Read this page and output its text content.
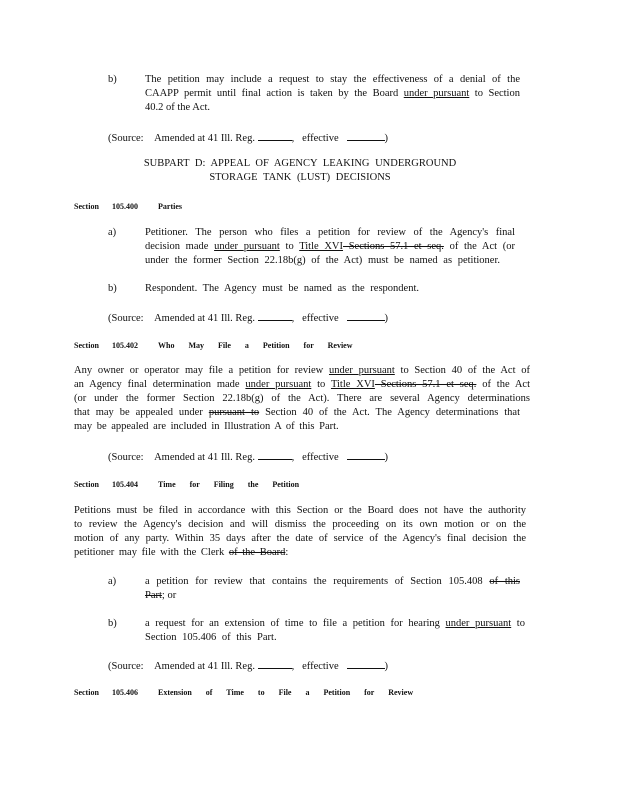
b)	The petition may include a request to stay the effectiveness of a denial of the
CAAPP permit until final action is taken by the Board under pursuant to Section
40.2 of the Act.
(Source: Amended at 41 Ill. Reg.	, effective	)
SUBPART D: APPEAL OF AGENCY LEAKING UNDERGROUND
STORAGE TANK (LUST) DECISIONS
Section 105.400	Parties
a)	Petitioner. The person who files a petition for review of the Agency's final
decision made under pursuant to Title XVI Sections 57.1 et seq. of the Act (or
under the former Section 22.18b(g) of the Act) must be named as petitioner.
b)	Respondent. The Agency must be named as the respondent.
(Source: Amended at 41 Ill. Reg.	, effective	)
Section 105.402	Who May File a Petition for Review
Any owner or operator may file a petition for review under pursuant to Section 40 of the Act of
an Agency final determination made under pursuant to Title XVI Sections 57.1 et seq. of the Act
(or under the former Section 22.18b(g) of the Act). There are several Agency determinations
that may be appealed under pursuant to Section 40 of the Act. The Agency determinations that
may be appealed are included in Illustration A of this Part.
(Source: Amended at 41 Ill. Reg.	, effective	)
Section 105.404	Time for Filing the Petition
Petitions must be filed in accordance with this Section or the Board does not have the authority
to review the Agency's decision and will dismiss the proceeding on its own motion or on the
motion of any party. Within 35 days after the date of service of the Agency's final decision the
petitioner may file with the Clerk of the Board:
a)	a petition for review that contains the requirements of Section 105.408 of this
Part; or
b)	a request for an extension of time to file a petition for hearing under pursuant to
Section 105.406 of this Part.
(Source: Amended at 41 Ill. Reg.	, effective	)
Section 105.406	Extension of Time to File a Petition for Review
